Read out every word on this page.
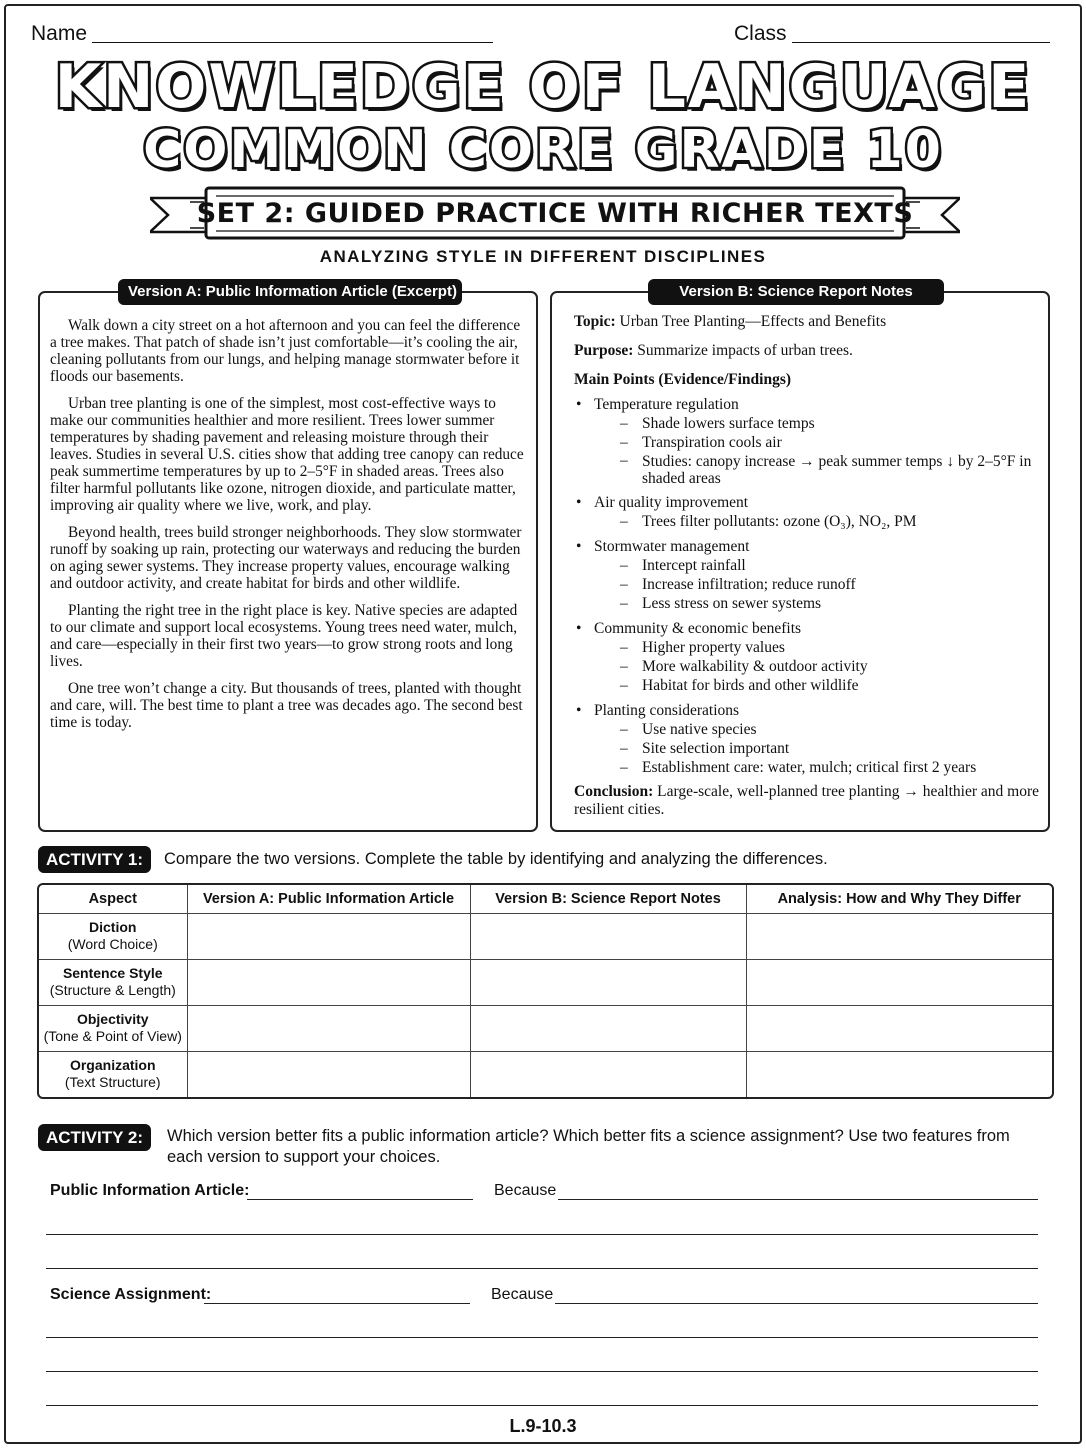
Name	Class
KNOWLEDGE OF LANGUAGE
COMMON CORE GRADE 10
SET 2: GUIDED PRACTICE WITH RICHER TEXTS
ANALYZING STYLE IN DIFFERENT DISCIPLINES
Version A: Public Information Article (Excerpt)

Walk down a city street on a hot afternoon and you can feel the difference a tree makes. That patch of shade isn’t just comfortable—it’s cooling the air, cleaning pollutants from our lungs, and helping manage stormwater before it floods our basements.

Urban tree planting is one of the simplest, most cost-effective ways to make our communities healthier and more resilient. Trees lower summer temperatures by shading pavement and releasing moisture through their leaves. Studies in several U.S. cities show that adding tree canopy can reduce peak summertime temperatures by up to 2–5°F in shaded areas. Trees also filter harmful pollutants like ozone, nitrogen dioxide, and particulate matter, improving air quality where we live, work, and play.

Beyond health, trees build stronger neighborhoods. They slow stormwater runoff by soaking up rain, protecting our waterways and reducing the burden on aging sewer systems. They increase property values, encourage walking and outdoor activity, and create habitat for birds and other wildlife.

Planting the right tree in the right place is key. Native species are adapted to our climate and support local ecosystems. Young trees need water, mulch, and care—especially in their first two years—to grow strong roots and long lives.

One tree won’t change a city. But thousands of trees, planted with thought and care, will. The best time to plant a tree was decades ago. The second best time is today.

Version B: Science Report Notes
Topic: Urban Tree Planting—Effects and Benefits
Purpose: Summarize impacts of urban trees.
Main Points (Evidence/Findings)
• Temperature regulation
– Shade lowers surface temps
– Transpiration cools air
– Studies: canopy increase → peak summer temps ↓ by 2–5°F in shaded areas
• Air quality improvement
– Trees filter pollutants: ozone (O₃), NO₂, PM
• Stormwater management
– Intercept rainfall
– Increase infiltration; reduce runoff
– Less stress on sewer systems
• Community & economic benefits
– Higher property values
– More walkability & outdoor activity
– Habitat for birds and other wildlife
• Planting considerations
– Use native species
– Site selection important
– Establishment care: water, mulch; critical first 2 years
Conclusion: Large-scale, well-planned tree planting → healthier and more resilient cities.
ACTIVITY 1:	Compare the two versions. Complete the table by identifying and analyzing the differences.
Aspect	Version A: Public Information Article	Version B: Science Report Notes	Analysis: How and Why They Differ

Diction
(Word Choice)			

Sentence Style
(Structure & Length)			

Objectivity
(Tone & Point of View)			

Organization
(Text Structure)			

ACTIVITY 2:	Which version better fits a public information article? Which better fits a science assignment? Use two features from each version to support your choices.
Public Information Article:	Because
Science Assignment:	Because
L.9-10.3
